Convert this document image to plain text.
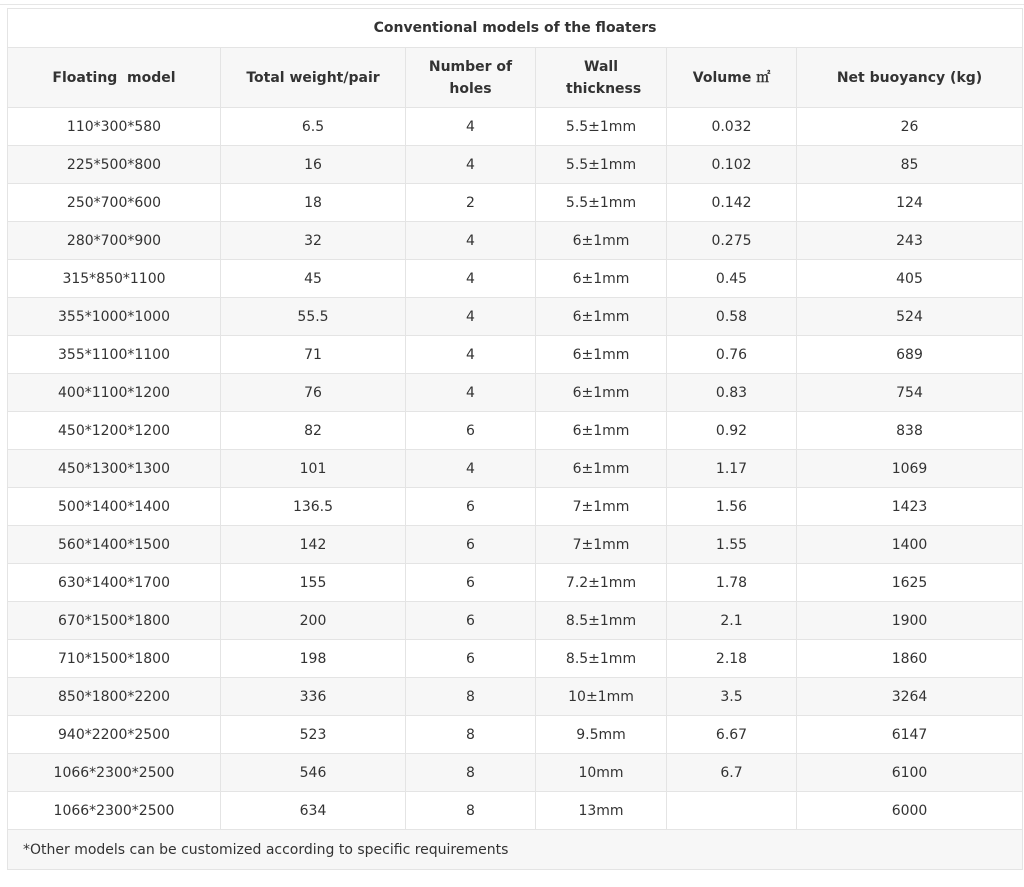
Conventional models of the floaters					
Floating  model	Total weight/pair	Number of holes	Wall thickness	Volume ㎡	Net buoyancy (kg)
110*300*580	6.5	4	5.5±1mm	0.032	26
225*500*800	16	4	5.5±1mm	0.102	85
250*700*600	18	2	5.5±1mm	0.142	124
280*700*900	32	4	6±1mm	0.275	243
315*850*1100	45	4	6±1mm	0.45	405
355*1000*1000	55.5	4	6±1mm	0.58	524
355*1100*1100	71	4	6±1mm	0.76	689
400*1100*1200	76	4	6±1mm	0.83	754
450*1200*1200	82	6	6±1mm	0.92	838
450*1300*1300	101	4	6±1mm	1.17	1069
500*1400*1400	136.5	6	7±1mm	1.56	1423
560*1400*1500	142	6	7±1mm	1.55	1400
630*1400*1700	155	6	7.2±1mm	1.78	1625
670*1500*1800	200	6	8.5±1mm	2.1	1900
710*1500*1800	198	6	8.5±1mm	2.18	1860
850*1800*2200	336	8	10±1mm	3.5	3264
940*2200*2500	523	8	9.5mm	6.67	6147
1066*2300*2500	546	8	10mm	6.7	6100
1066*2300*2500	634	8	13mm		6000
*Other models can be customized according to specific requirements					
